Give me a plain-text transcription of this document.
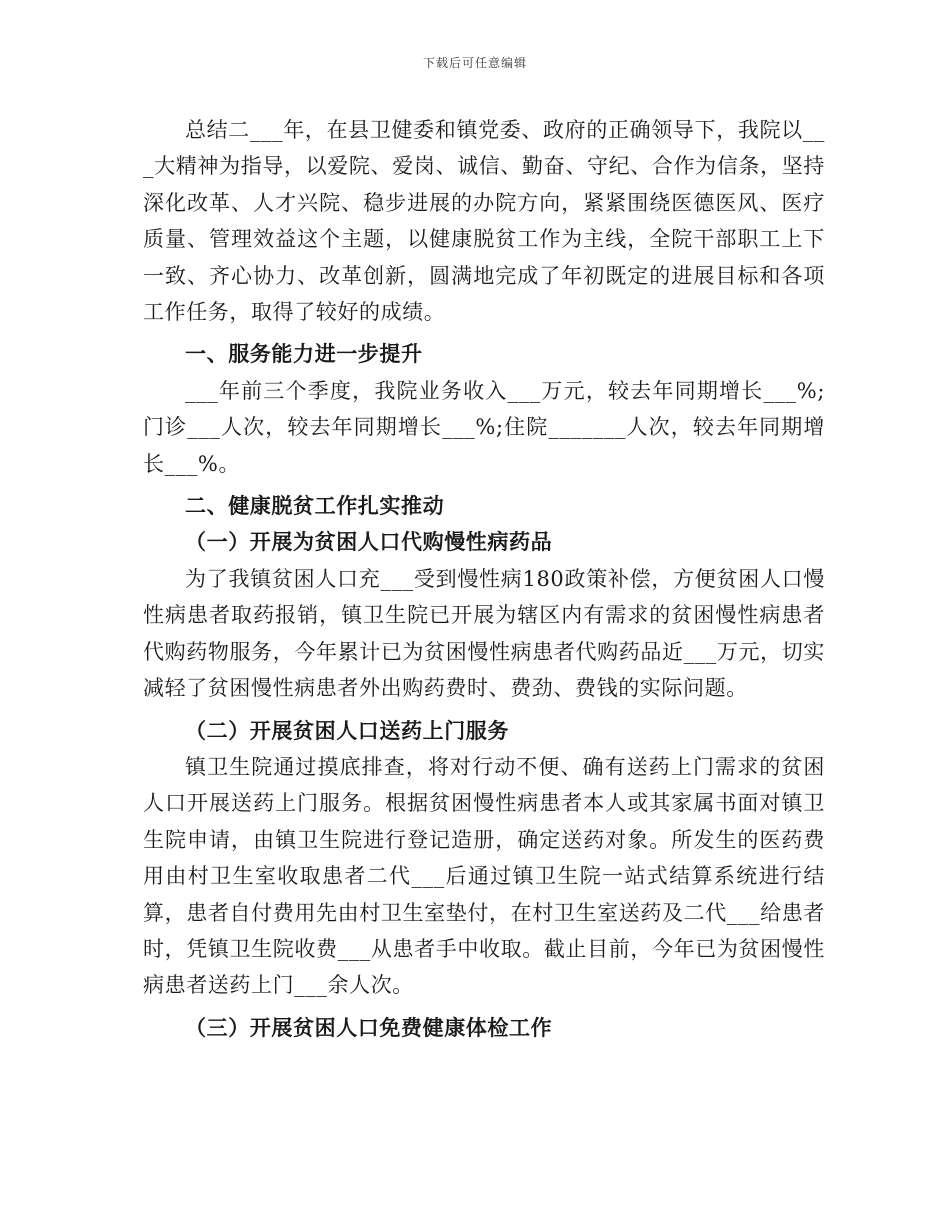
下载后可任意编辑

总结二___年，在县卫健委和镇党委、政府的正确领导下，我院以___大精神为指导，以爱院、爱岗、诚信、勤奋、守纪、合作为信条，坚持深化改革、人才兴院、稳步进展的办院方向，紧紧围绕医德医风、医疗质量、管理效益这个主题，以健康脱贫工作为主线，全院干部职工上下一致、齐心协力、改革创新，圆满地完成了年初既定的进展目标和各项工作任务，取得了较好的成绩。

一、服务能力进一步提升

___年前三个季度，我院业务收入___万元，较去年同期增长___%;门诊___人次，较去年同期增长___%;住院_______人次，较去年同期增长___%。

二、健康脱贫工作扎实推动

（一）开展为贫困人口代购慢性病药品

为了我镇贫困人口充___受到慢性病180政策补偿，方便贫困人口慢性病患者取药报销，镇卫生院已开展为辖区内有需求的贫困慢性病患者代购药物服务，今年累计已为贫困慢性病患者代购药品近___万元，切实减轻了贫困慢性病患者外出购药费时、费劲、费钱的实际问题。

（二）开展贫困人口送药上门服务

镇卫生院通过摸底排查，将对行动不便、确有送药上门需求的贫困人口开展送药上门服务。根据贫困慢性病患者本人或其家属书面对镇卫生院申请，由镇卫生院进行登记造册，确定送药对象。所发生的医药费用由村卫生室收取患者二代___后通过镇卫生院一站式结算系统进行结算，患者自付费用先由村卫生室垫付，在村卫生室送药及二代___给患者时，凭镇卫生院收费___从患者手中收取。截止目前，今年已为贫困慢性病患者送药上门___余人次。

（三）开展贫困人口免费健康体检工作
